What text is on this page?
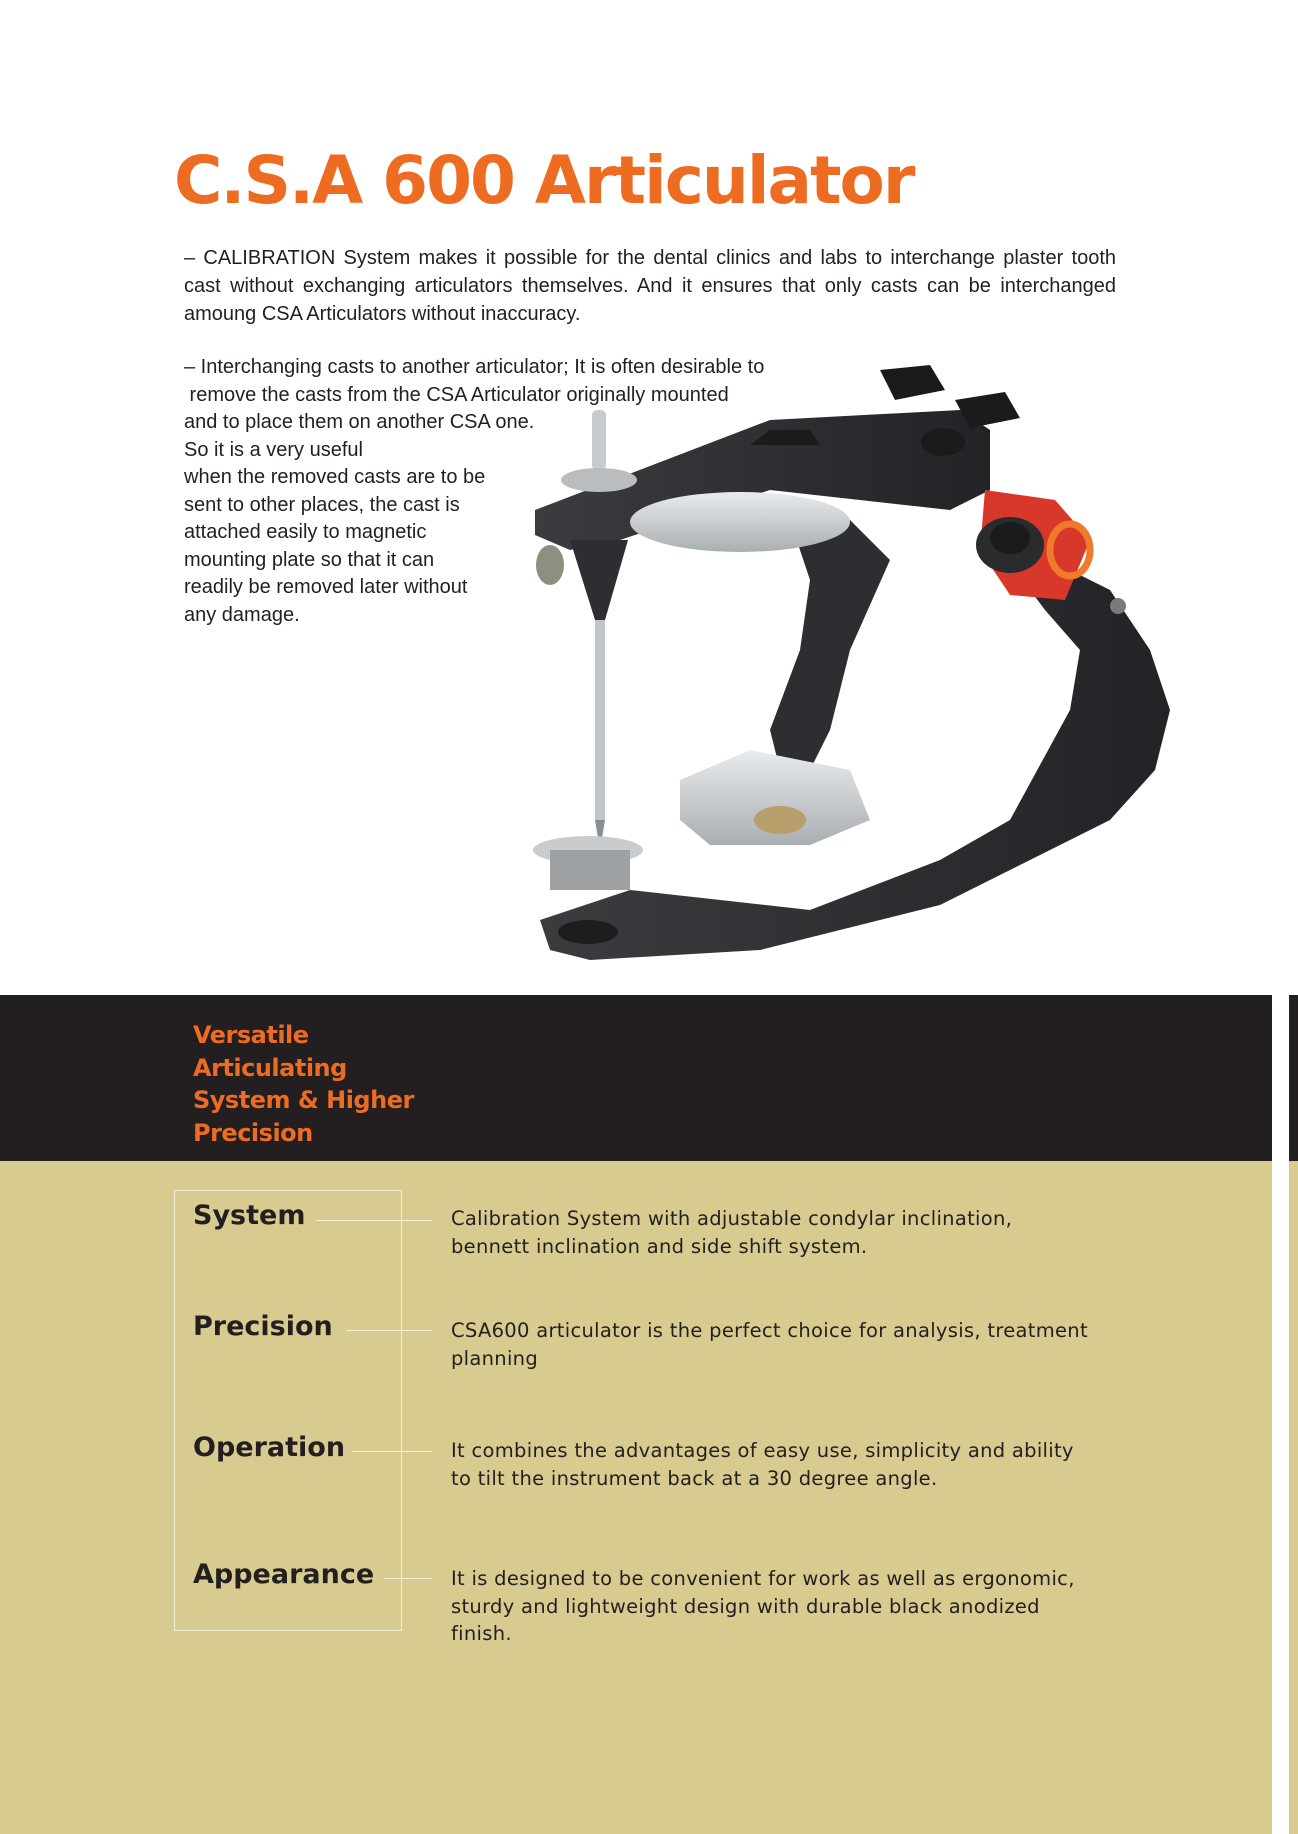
C.S.A 600 Articulator

– CALIBRATION System makes it possible for the dental clinics and labs to interchange plaster tooth cast without exchanging articulators themselves. And it ensures that only casts can be interchanged amoung CSA Articulators without inaccuracy.

– Interchanging casts to another articulator; It is often desirable to
remove the casts from the CSA Articulator originally mounted
and to place them on another CSA one.
So it is a very useful
when the removed casts are to be
sent to other places, the cast is
attached easily to magnetic
mounting plate so that it can
readily be removed later without
any damage.
Versatile
Articulating
System & Higher
Precision
System	Calibration System with adjustable condylar inclination, bennett inclination and side shift system.

Precision	CSA600 articulator is the perfect choice for analysis, treatment planning

Operation	It combines the advantages of easy use, simplicity and ability to tilt the instrument back at a 30 degree angle.

Appearance	It is designed to be convenient for work as well as ergonomic, sturdy and lightweight design with durable black anodized finish.
